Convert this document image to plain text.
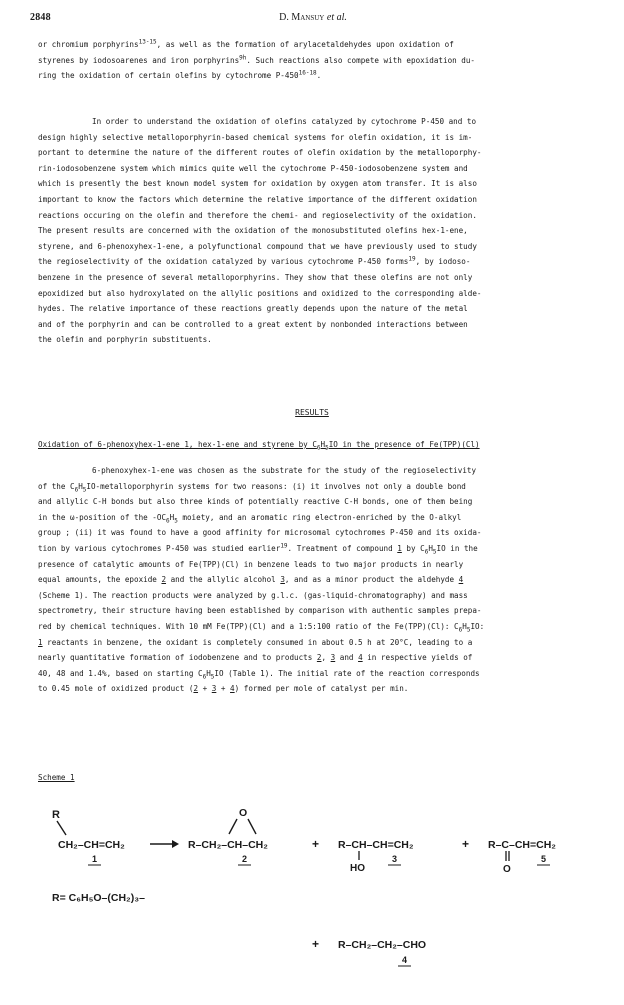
2848	D. Mansuy et al.
or chromium porphyrins$^{13-15}$, as well as the formation of arylacetaldehydes upon oxidation of
styrenes by iodosoarenes and iron porphyrins$^{9h}$. Such reactions also compete with epoxidation du-
ring the oxidation of certain olefins by cytochrome P-450$^{16-18}$.
In order to understand the oxidation of olefins catalyzed by cytochrome P-450 and to
design highly selective metalloporphyrin-based chemical systems for olefin oxidation, it is im-
portant to determine the nature of the different routes of olefin oxidation by the metalloporphy-
rin-iodosobenzene system which mimics quite well the cytochrome P-450-iodosobenzene system and
which is presently the best known model system for oxidation by oxygen atom transfer. It is also
important to know the factors which determine the relative importance of the different oxidation
reactions occuring on the olefin and therefore the chemi- and regioselectivity of the oxidation.
The present results are concerned with the oxidation of the monosubstituted olefins hex-1-ene,
styrene, and 6-phenoxyhex-1-ene, a polyfunctional compound that we have previously used to study
the regioselectivity of the oxidation catalyzed by various cytochrome P-450 forms$^{19}$, by iodoso-
benzene in the presence of several metalloporphyrins. They show that these olefins are not only
epoxidized but also hydroxylated on the allylic positions and oxidized to the corresponding alde-
hydes. The relative importance of these reactions greatly depends upon the nature of the metal
and of the porphyrin and can be controlled to a great extent by nonbonded interactions between
the olefin and porphyrin substituents.
RESULTS
Oxidation of 6-phenoxyhex-1-ene 1, hex-1-ene and styrene by $C_6H_5IO$ in the presence of Fe(TPP)(Cl)
6-phenoxyhex-1-ene was chosen as the substrate for the study of the regioselectivity
of the $C_6H_5IO$-metalloporphyrin systems for two reasons: (i) it involves not only a double bond
and allylic C-H bonds but also three kinds of potentially reactive C-H bonds, one of them being
in the ω-position of the $-OC_6H_5$ moiety, and an aromatic ring electron-enriched by the O-alkyl
group ; (ii) it was found to have a good affinity for microsomal cytochromes P-450 and its oxida-
tion by various cytochromes P-450 was studied earlier$^{19}$. Treatment of compound 1 by $C_6H_5IO$ in the
presence of catalytic amounts of Fe(TPP)(Cl) in benzene leads to two major products in nearly
equal amounts, the epoxide 2 and the allylic alcohol 3, and as a minor product the aldehyde 4
(Scheme 1). The reaction products were analyzed by g.l.c. (gas-liquid-chromatography) and mass
spectrometry, their structure having been established by comparison with authentic samples prepa-
red by chemical techniques. With 10 mM Fe(TPP)(Cl) and a 1:5:100 ratio of the Fe(TPP)(Cl): $C_6H_5IO$:
1 reactants in benzene, the oxidant is completely consumed in about 0.5 h at 20°C, leading to a
nearly quantitative formation of iodobenzene and to products 2, 3 and 4 in respective yields of
40, 48 and 1.4%, based on starting $C_6H_5IO$ (Table 1). The initial rate of the reaction corresponds
to 0.45 mole of oxidized product (2 + 3 + 4) formed per mole of catalyst per min.
Scheme 1
R
CH₂–CH=CH₂
1
O
R–CH₂–CH–CH₂
2
+ R–CH–CH=CH₂
HO
3
+ R–C–CH=CH₂
O
5
R= C₆H₅O–(CH₂)₃–
+ R–CH₂–CH₂–CHO
4
